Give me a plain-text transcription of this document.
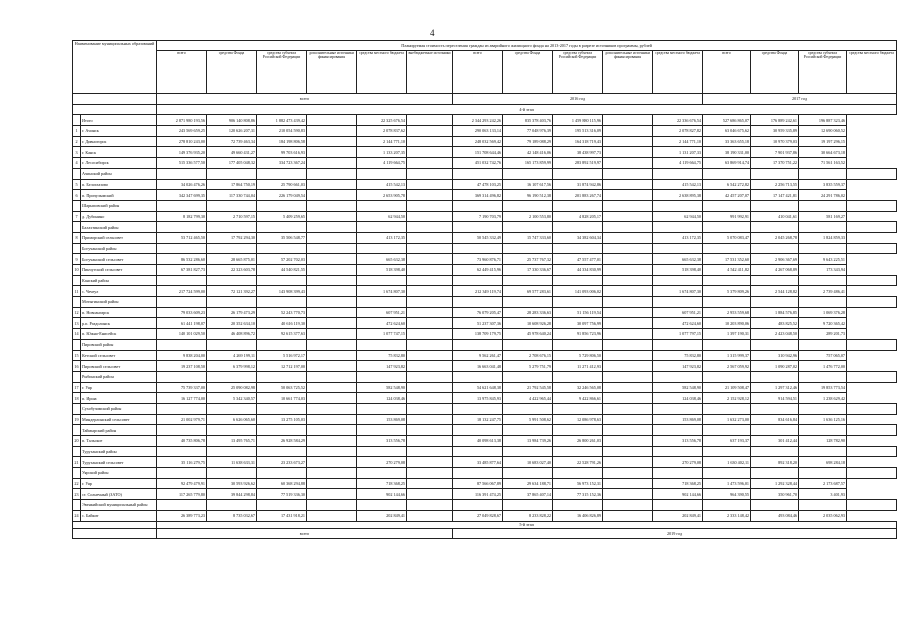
4
Наименование муниципальных образований		Планируемая стоимость переселения граждан из аварийного жилищного фонда на 2013-2017 годы в разрезе источников программы, рублей														
		всего	средства Фонда	средства субъекта Российской Федерации	дополнительные источники финансирования	средства местного бюджета	внебюджетные источники	всего	средства Фонда	средства субъекта Российской Федерации	дополнительные источники финансирования	средства местного бюджета	всего	средства Фонда	средства субъекта Российской Федерации	средства местного бюджета
		всего						2016 год					2017 год			
		4-й этап														
	Итого	2 871 980 193,56	906 140 808,86	1 882 473 439,42		22 325 676,54		2 344 293 242,26	835 378 403,76	1 459 880 115,96		22 336 676,54	527 686 865,07	176 889 242,61	196 887 323,46	
1	г. Ачинск	243 569 659,25	120 626 207,31	210 054 590,83		2 078 837,62		290 063 133,14	77 048 976,39	195 513 316,09		2 078 827,82	63 046 675,62	30 959 335,89	12 690 060,52	
2	г. Дивногорск	278 810 243,00	72 739 463,34	184 198 806,58		2 144 771,10		248 032 569,42	79 189 088,29	164 318 719,43		2 144 771,10	33 363 655,18	10 970 379,03	19 197 296,15	
3	г. Канск	149 376 935,20	49 660 431,27	99 703 616,93		1 133 207,35		151 708 644,46	42 148 416,06	38 438 997,73		1 131 207,33	38 190 331,00	7 901 937,86	30 664 673,18	
4	г. Лесосибирск	515 336 577,50	177 405 048,32	334 723 367,24		4 119 664,75		451 032 742,76	165 173 859,99	283 892 519,97		4 119 664,75	63 869 914,74	17 370 751,22	71 561 163,52	
	Ачинский район															
5	п. Белоглазово	34 026 476,26	17 864 750,19	25 790 661,03		415 542,13		47 478 103,25	16 107 617,56	31 874 942,86		415 542,13	6 542 272,82	2 256 713,55	3 835 559,37	
6	п. Причулымский	342 347 699,35	117 330 744,04	226 179 049,54		2 653 905,78		369 314 496,82	96 190 512,38	201 883 267,74		2 638 895,38	42 457 207,07	17 147 421,81	24 291 786,02	
	Шарыповский район															
7	д. Дубинино	8 182 799,30	2 710 597,15	5 409 259,65		62 944,50		7 190 703,79	2 100 553,80	4 828 205,17		62 944,50	991 992,91	410 041,61	581 169,27	
	Балахтинский район															
8	Приморский сельсовет	53 712 465,50	17 792 294,30	35 506 548,77		413 172,35		50 545 332,49	15 747 333,60	34 382 604,34		413 172,35	5 070 083,47	2 045 268,78	1 824 859,33	
	Богучанский район															
9	Богучанский сельсовет	86 532 286,60	28 665 875,01	57 202 702,03		665 632,38		73 960 876,71	25 737 767,32	47 557 477,01		665 632,38	17 531 352,60	2 906 367,69	9 643 225,51	
10	Пинчугский сельсовет	67 381 827,73	22 323 603,78	44 540 821,55		518 398,40		62 449 415,96	17 330 336,67	44 334 830,99		518 398,40	4 542 411,82	4 267 068,89	173 343,94	
	Канский район															
11	с. Чечеул	217 724 599,00	72 121 392,27	143 908 399,43		1 674 807,30		212 349 119,74	69 577 283,61	141 093 006,02		1 674 807,30	5 379 809,26	2 544 128,82	2 739 486,41	
	Мотыгинский район															
12	п. Новоангарск	79 033 609,23	26 179 473,29	52 243 770,73		607 951,21		76 079 205,47	28 283 336,63	51 156 119,54		607 951,21	2 953 559,68	1 884 576,85	1 069 376,28	
13	р.п. Раздолинск	61 441 198,07	20 352 634,10	40 616 119,30		472 624,60		51 237 307,36	10 608 926,28	30 097 756,99		472 624,60	10 203 890,06	483 825,52	9 720 365,42	
14	п. Южно-Енисейск	140 101 029,50	46 408 896,72	92 615 377,63		1 077 747,15		138 709 179,75	45 978 640,24	91 856 723,96		1 077 797,15	1 397 190,31	2 423 048,50	289 201,73	
	Пировский район															
15	Кетский сельсовет	9 838 204,00	4 269 199,11	5 516 972,17		75 832,80		9 562 261,47	2 708 676,15	5 729 806,50		75 832,80	1 315 999,37	310 942,96	757 065,07	
16	Пировский сельсовет	19 237 108,50	6 379 998,12	12 712 197,00		147 923,82		16 663 041,48	5 279 751,79	11 271 412,93		147 923,82	2 567 059,92	1 090 287,02	1 476 772,00	
	Рыбинский район															
17	г. Уяр	75 739 337,00	25 090 082,98	50 063 725,52		582 548,90		54 621 648,38	21 792 545,58	32 246 565,08		582 548,90	21 109 508,47	1 297 312,46	19 853 773,54	
18	п. Ирша	16 127 774,00	5 342 340,57	10 661 774,03		124 038,46		13 975 845,93	4 422 965,44	9 422 866,61		124 038,46	2 152 928,12	914 594,51	1 238 629,42	
	Сухобузимский район															
19	Миндерлинский сельсовет	21 002 979,71	6 626 065,60	13 275 105,03		153 869,08		18 132 247,75	5 991 508,62	12 086 978,63		153 869,08	1 632 273,00	834 616,84	1 636 125,16	
	Таймырский район															
20	п. Тальское	40 735 806,78	13 495 765,71	26 928 584,29		313 556,78		40 098 613,38	13 984 739,26	26 800 261,03		313 556,78	637 193,37	301 412,44	128 782,90	
	Туруханский район															
21	Туруханский сельсовет	35 116 279,75	11 638 633,31	23 233 673,27		270 279,08		33 485 877,64	10 683 027,40	22 528 791,26		270 279,08	1 630 402,11	892 318,20	698 284,18	
	Уярский район															
22	г. Уяр	92 479 479,91	30 593 926,62	60 368 294,88		718 368,25		87 566 067,89	29 634 188,71	56 973 152,31		718 368,25	1 473 596,01	1 292 328,44	2 173 687,57	
23	ст. Солнечный (ЗАТО)	117 265 779,80	39 844 298,84	77 519 336,30		902 144,66		116 391 474,25	37 865 407,14	77 315 152,36		902 144,66	964 390,55	350 961,70	3 401,93	
	Эвенкийский муниципальный район															
24	с. Байкит	26 389 773,23	8 735 032,67	17 431 918,21		202 849,41		27 049 828,67	8 233 828,22	16 406 826,89		202 849,41	2 333 148,42	493 084,46	2 035 062,93	
		5-й этап														
		всего						2019 год								
